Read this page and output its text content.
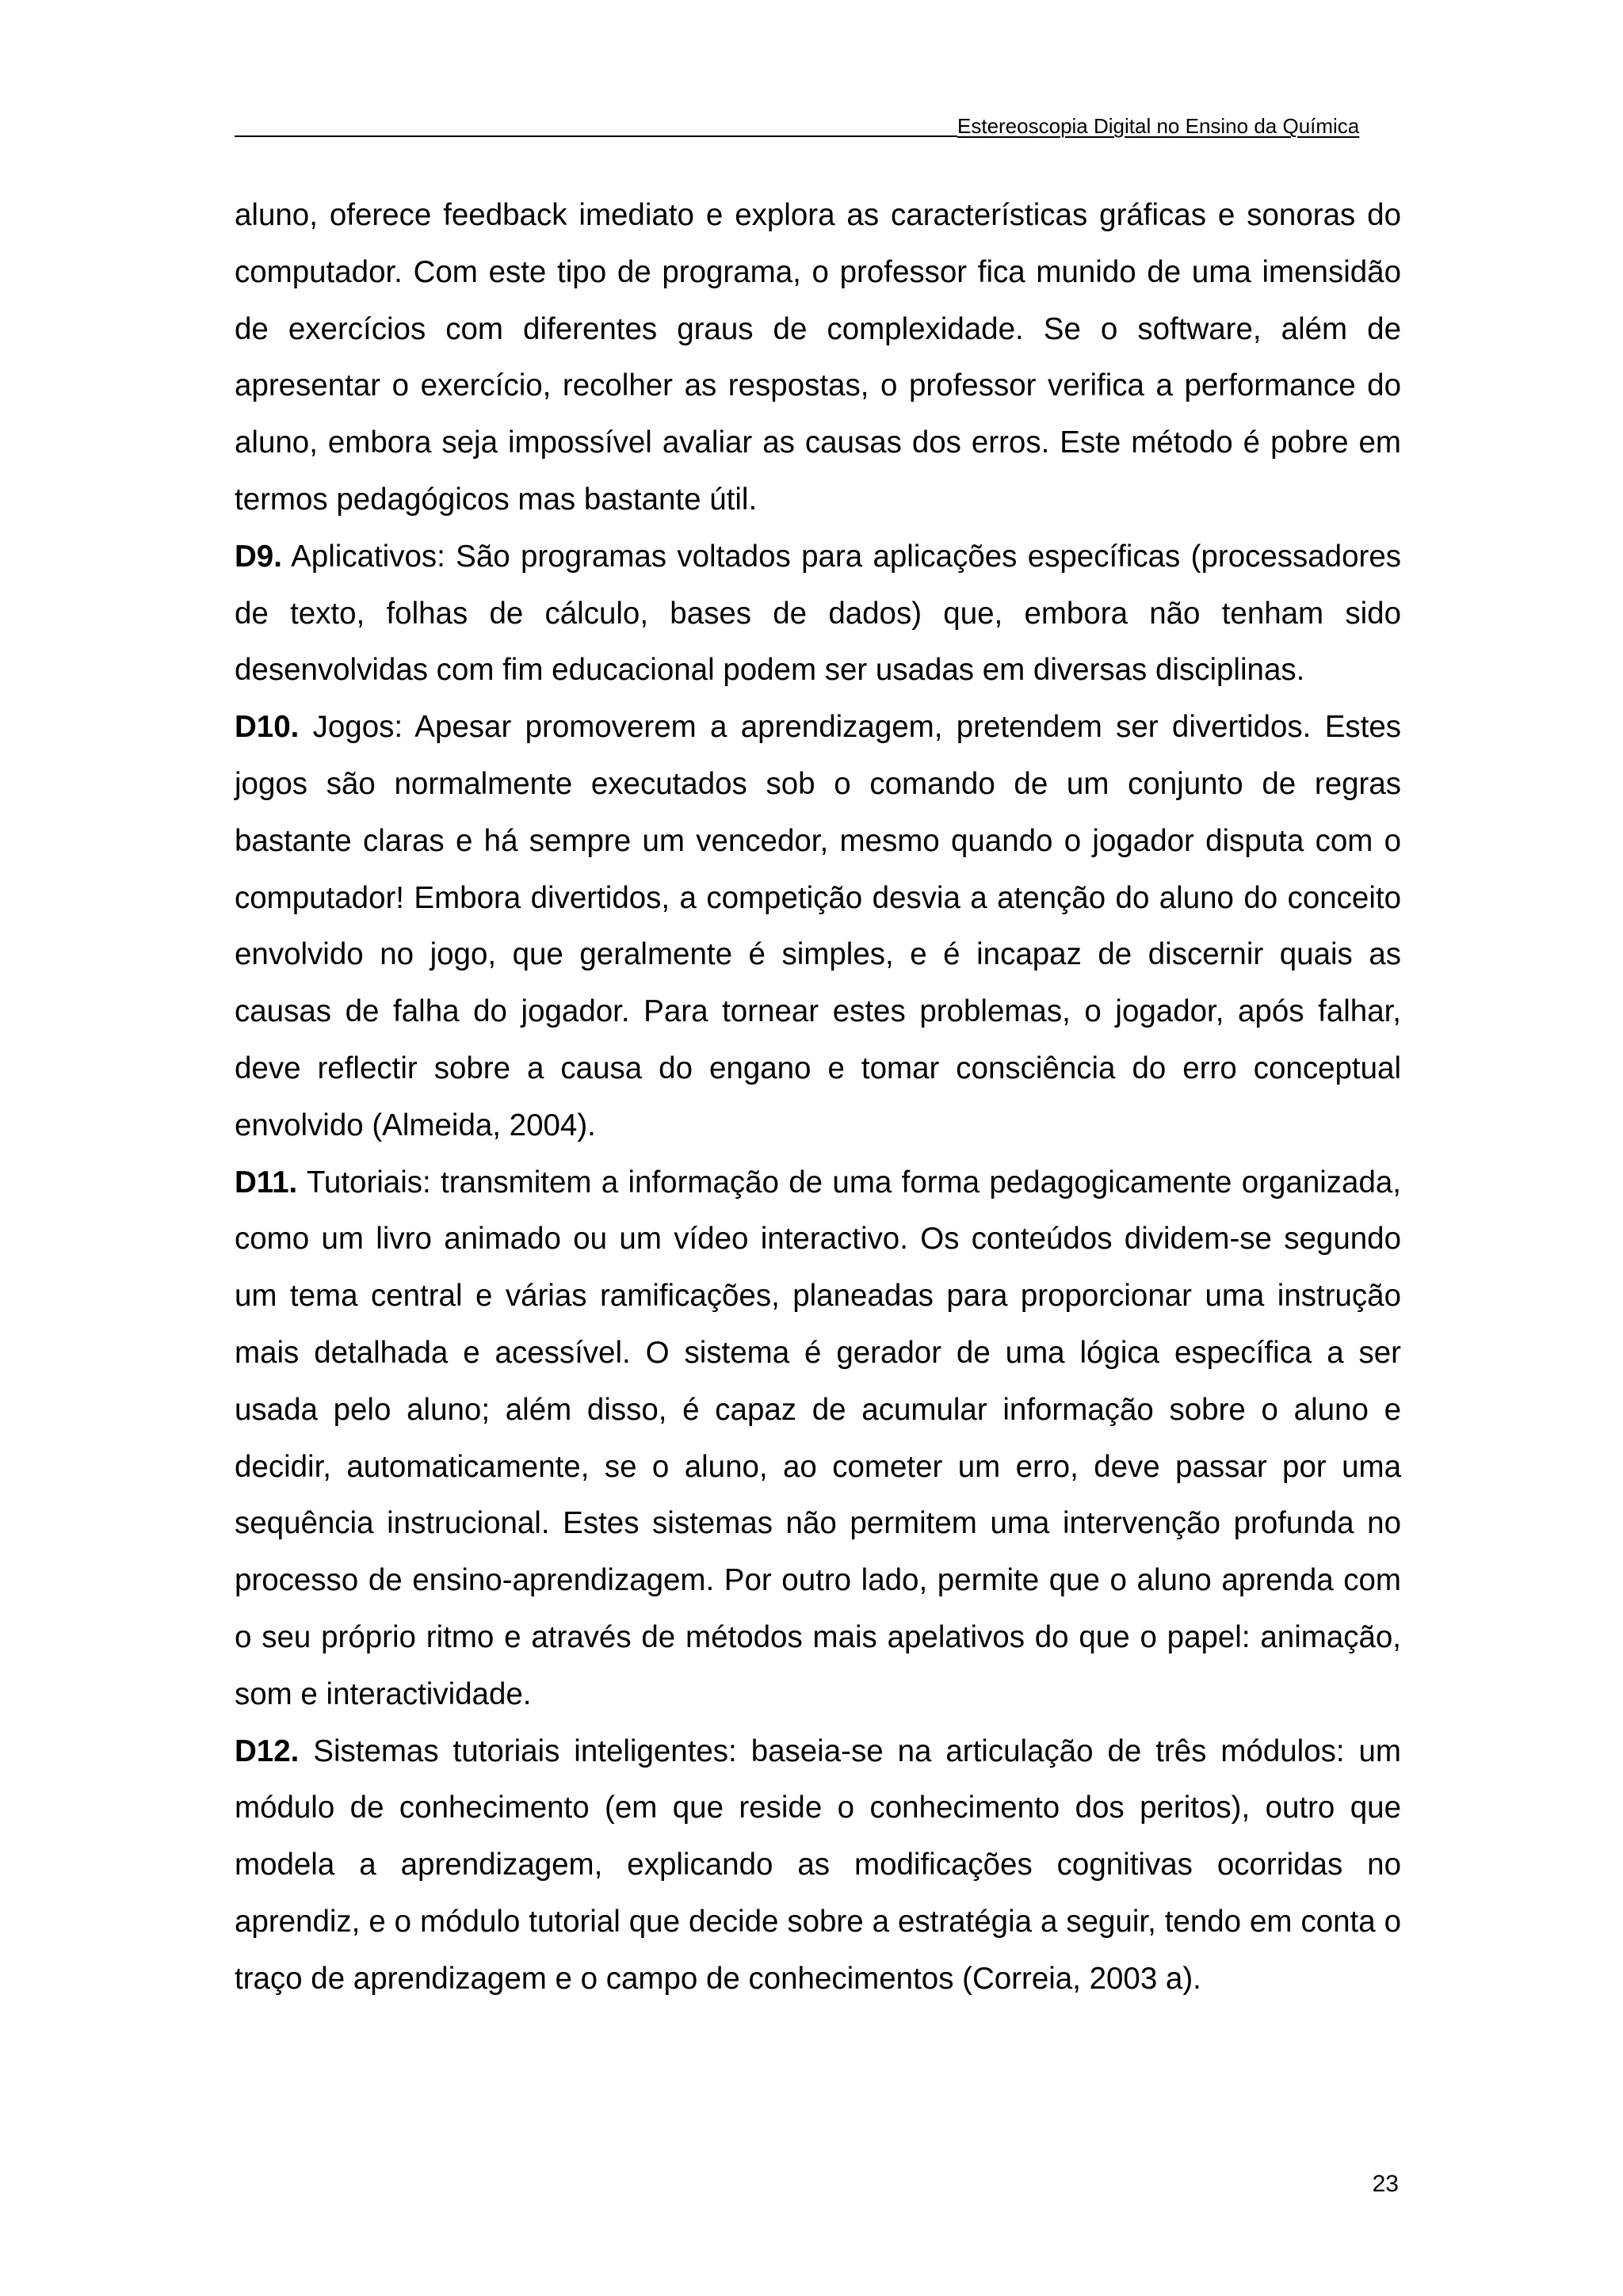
Estereoscopia Digital no Ensino da Química

aluno, oferece feedback imediato e explora as características gráficas e sonoras do computador. Com este tipo de programa, o professor fica munido de uma imensidão de exercícios com diferentes graus de complexidade. Se o software, além de apresentar o exercício, recolher as respostas, o professor verifica a performance do aluno, embora seja impossível avaliar as causas dos erros. Este método é pobre em termos pedagógicos mas bastante útil.

D9. Aplicativos: São programas voltados para aplicações específicas (processadores de texto, folhas de cálculo, bases de dados) que, embora não tenham sido desenvolvidas com fim educacional podem ser usadas em diversas disciplinas.

D10. Jogos: Apesar promoverem a aprendizagem, pretendem ser divertidos. Estes jogos são normalmente executados sob o comando de um conjunto de regras bastante claras e há sempre um vencedor, mesmo quando o jogador disputa com o computador! Embora divertidos, a competição desvia a atenção do aluno do conceito envolvido no jogo, que geralmente é simples, e é incapaz de discernir quais as causas de falha do jogador. Para tornear estes problemas, o jogador, após falhar, deve reflectir sobre a causa do engano e tomar consciência do erro conceptual envolvido (Almeida, 2004).

D11. Tutoriais: transmitem a informação de uma forma pedagogicamente organizada, como um livro animado ou um vídeo interactivo. Os conteúdos dividem-se segundo um tema central e várias ramificações, planeadas para proporcionar uma instrução mais detalhada e acessível. O sistema é gerador de uma lógica específica a ser usada pelo aluno; além disso, é capaz de acumular informação sobre o aluno e decidir, automaticamente, se o aluno, ao cometer um erro, deve passar por uma sequência instrucional. Estes sistemas não permitem uma intervenção profunda no processo de ensino-aprendizagem. Por outro lado, permite que o aluno aprenda com o seu próprio ritmo e através de métodos mais apelativos do que o papel: animação, som e interactividade.

D12. Sistemas tutoriais inteligentes: baseia-se na articulação de três módulos: um módulo de conhecimento (em que reside o conhecimento dos peritos), outro que modela a aprendizagem, explicando as modificações cognitivas ocorridas no aprendiz, e o módulo tutorial que decide sobre a estratégia a seguir, tendo em conta o traço de aprendizagem e o campo de conhecimentos (Correia, 2003 a).

23
